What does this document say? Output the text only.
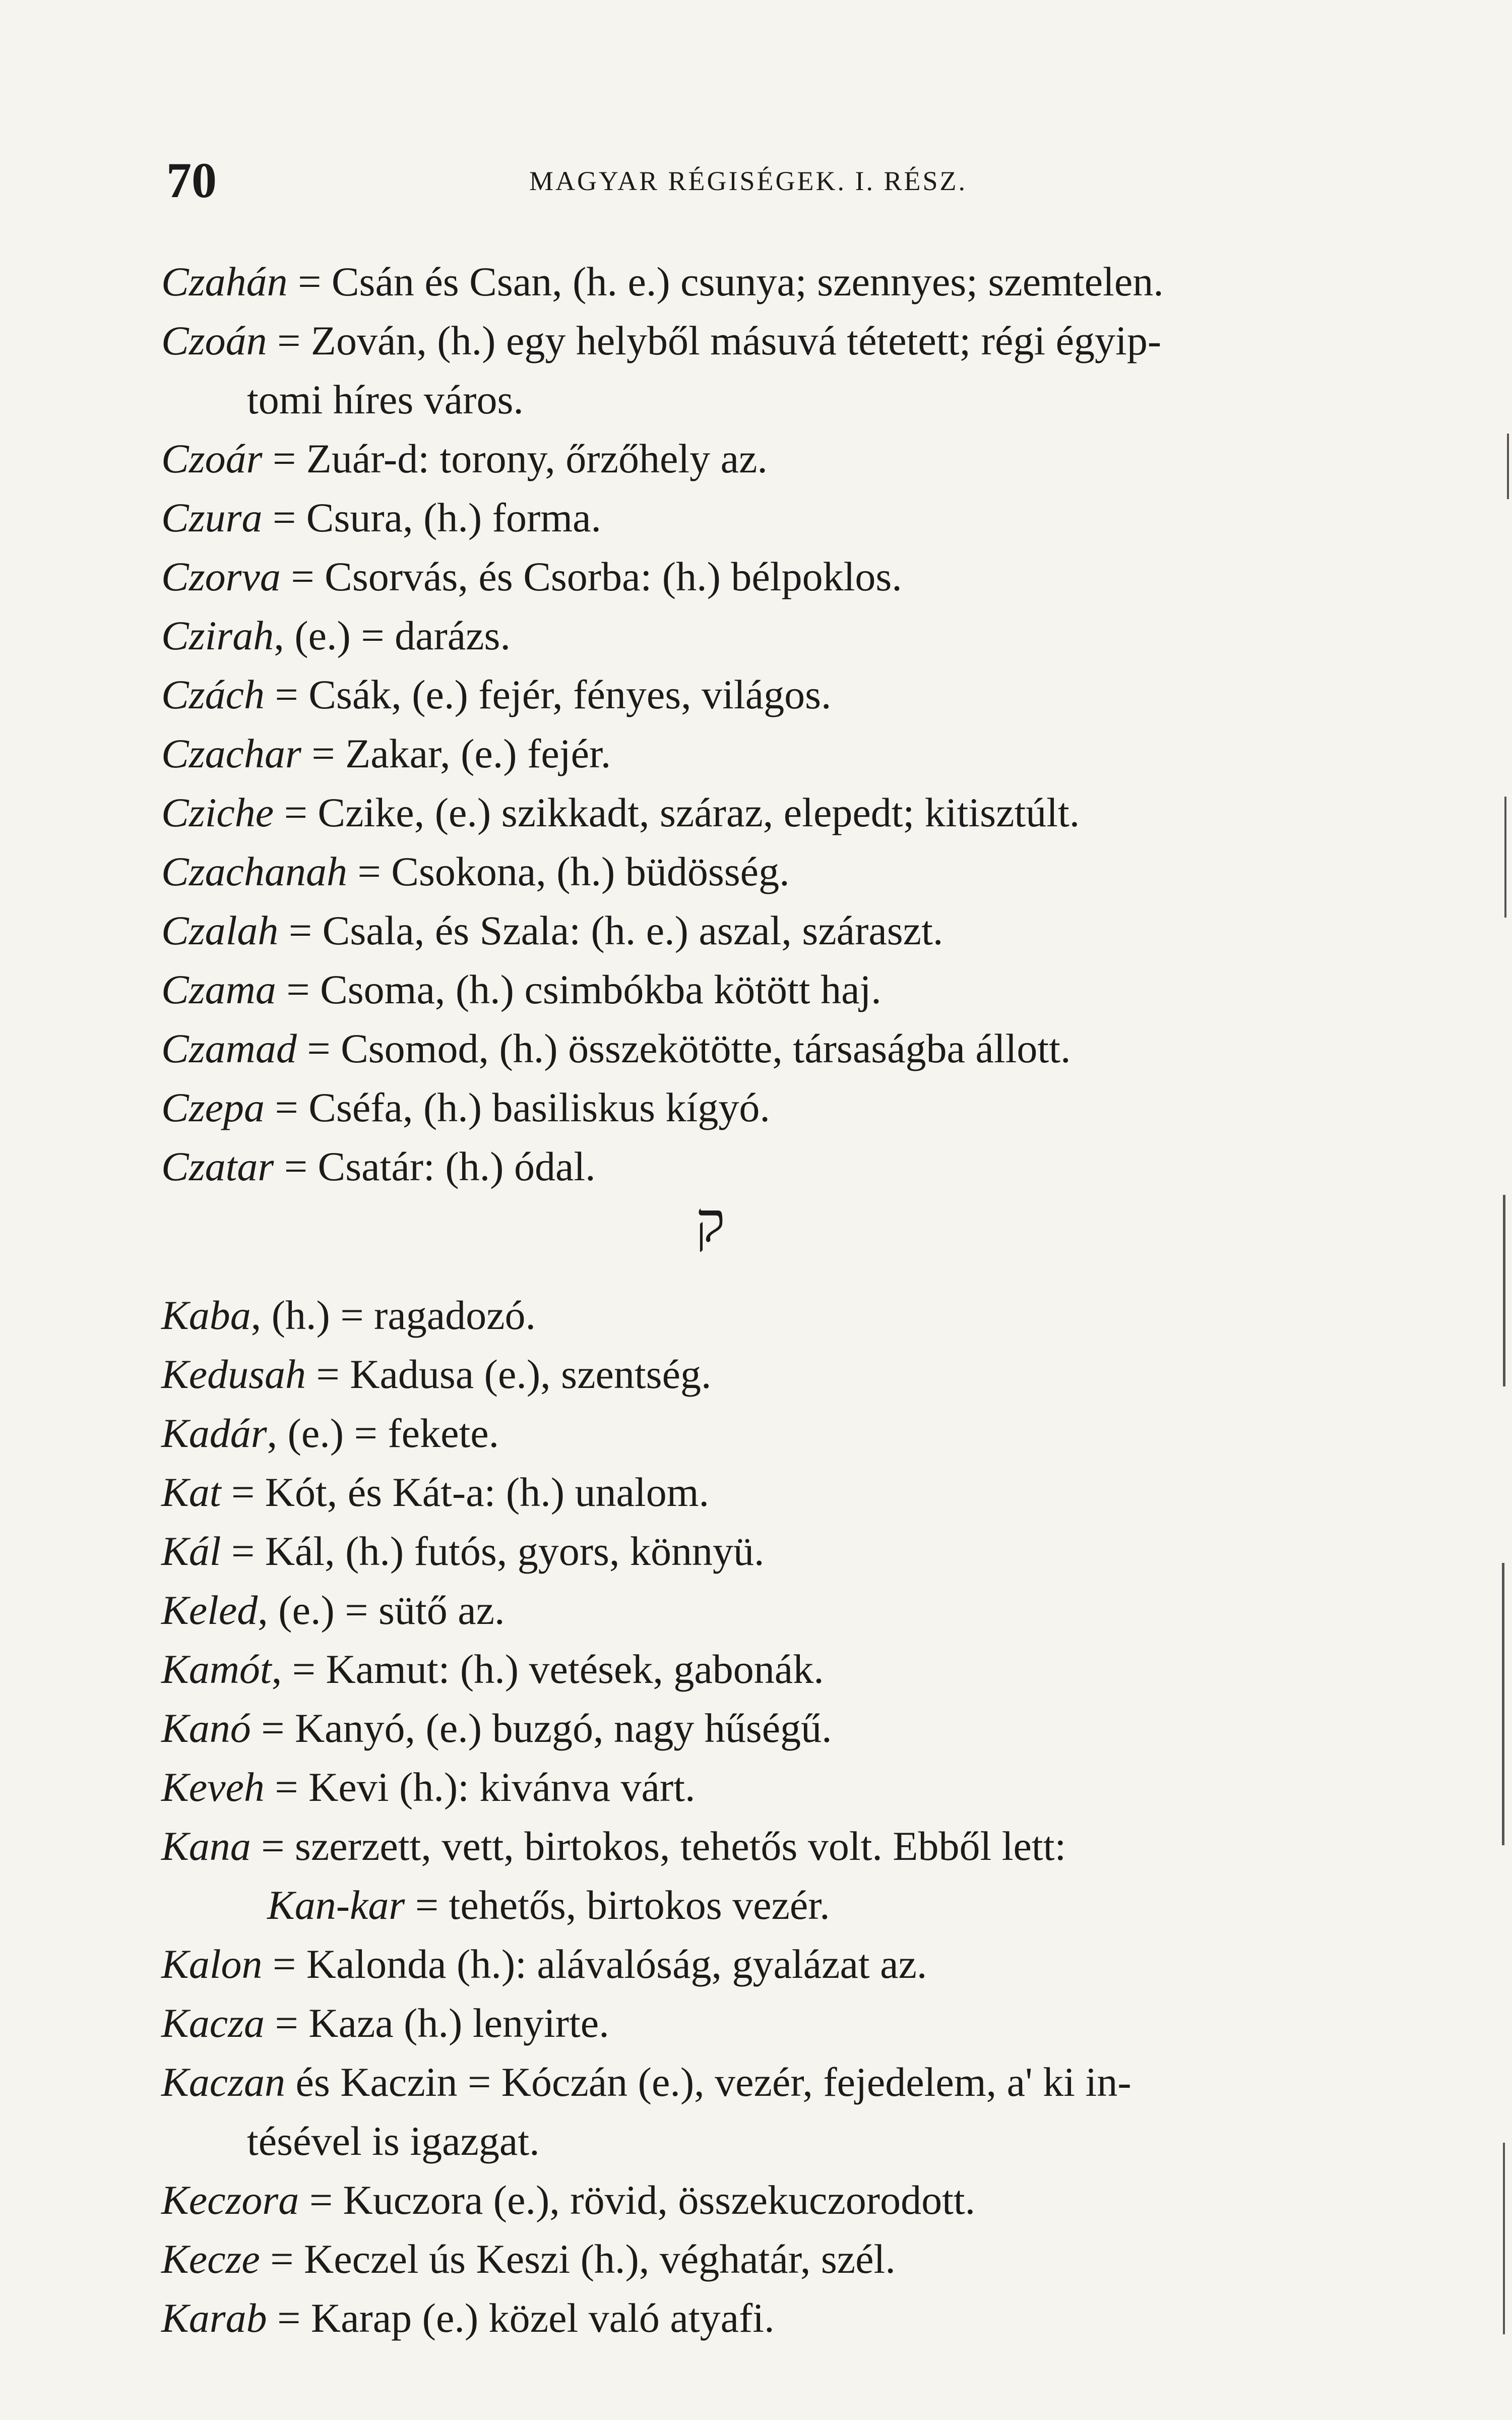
70	MAGYAR RÉGISÉGEK. I. RÉSZ.
Czahán = Csán és Csan, (h. e.) csunya; szennyes; szemtelen.
Czoán = Zován, (h.) egy helyből másuvá tétetett; régi égyip-
tomi híres város.
Czoár = Zuár-d: torony, őrzőhely az.
Czura = Csura, (h.) forma.
Czorva = Csorvás, és Csorba: (h.) bélpoklos.
Czirah, (e.) = darázs.
Czách = Csák, (e.) fejér, fényes, világos.
Czachar = Zakar, (e.) fejér.
Cziche = Czike, (e.) szikkadt, száraz, elepedt; kitisztúlt.
Czachanah = Csokona, (h.) büdösség.
Czalah = Csala, és Szala: (h. e.) aszal, száraszt.
Czama = Csoma, (h.) csimbókba kötött haj.
Czamad = Csomod, (h.) összekötötte, társaságba állott.
Czepa = Cséfa, (h.) basiliskus kígyó.
Czatar = Csatár: (h.) ódal.
ק
Kaba, (h.) = ragadozó.
Kedusah = Kadusa (e.), szentség.
Kadár, (e.) = fekete.
Kat = Kót, és Kát-a: (h.) unalom.
Kál = Kál, (h.) futós, gyors, könnyü.
Keled, (e.) = sütő az.
Kamót, = Kamut: (h.) vetések, gabonák.
Kanó = Kanyó, (e.) buzgó, nagy hűségű.
Keveh = Kevi (h.): kivánva várt.
Kana = szerzett, vett, birtokos, tehetős volt. Ebből lett:
Kan-kar = tehetős, birtokos vezér.
Kalon = Kalonda (h.): alávalóság, gyalázat az.
Kacza = Kaza (h.) lenyirte.
Kaczan és Kaczin = Kóczán (e.), vezér, fejedelem, a' ki in-
tésével is igazgat.
Keczora = Kuczora (e.), rövid, összekuczorodott.
Kecze = Keczel ús Keszi (h.), véghatár, szél.
Karab = Karap (e.) közel való atyafi.
